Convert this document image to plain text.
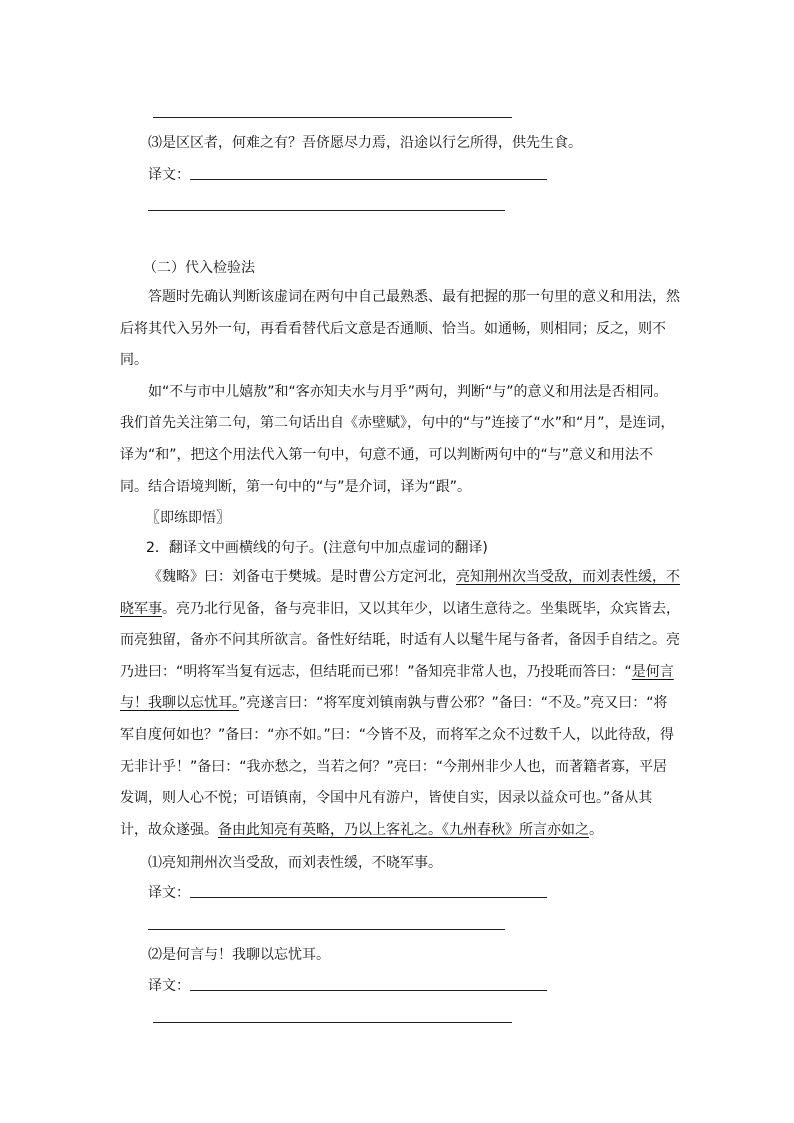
⑶是区区者，何难之有？吾侪愿尽力焉，沿途以行乞所得，供先生食。
译文：
（二）代入检验法

答题时先确认判断该虚词在两句中自己最熟悉、最有把握的那一句里的意义和用法，然后将其代入另外一句，再看看替代后文意是否通顺、恰当。如通畅，则相同；反之，则不同。

如“不与市中儿嬉敖”和“客亦知夫水与月乎”两句，判断“与”的意义和用法是否相同。我们首先关注第二句，第二句话出自《赤壁赋》，句中的“与”连接了“水”和“月”，是连词，译为“和”，把这个用法代入第一句中，句意不通，可以判断两句中的“与”意义和用法不同。结合语境判断，第一句中的“与”是介词，译为“跟”。

〖即练即悟〗
2．翻译文中画横线的句子。(注意句中加点虚词的翻译)

《魏略》曰：刘备屯于樊城。是时曹公方定河北，亮知荆州次当受敌，而刘表性缓，不晓军事。亮乃北行见备，备与亮非旧，又以其年少，以诸生意待之。坐集既毕，众宾皆去，而亮独留，备亦不问其所欲言。备性好结毦，时适有人以髦牛尾与备者，备因手自结之。亮乃进曰：“明将军当复有远志，但结毦而已邪！”备知亮非常人也，乃投毦而答曰：“是何言与！我聊以忘忧耳。”亮遂言曰：“将军度刘镇南孰与曹公邪？”备曰：“不及。”亮又曰：“将军自度何如也？”备曰：“亦不如。”曰：“今皆不及，而将军之众不过数千人，以此待敌，得无非计乎！”备曰：“我亦愁之，当若之何？”亮曰：“今荆州非少人也，而著籍者寡，平居发调，则人心不悦；可语镇南，令国中凡有游户，皆使自实，因录以益众可也。”备从其计，故众遂强。备由此知亮有英略，乃以上客礼之。《九州春秋》所言亦如之。

⑴亮知荆州次当受敌，而刘表性缓，不晓军事。
译文：
⑵是何言与！我聊以忘忧耳。
译文：
